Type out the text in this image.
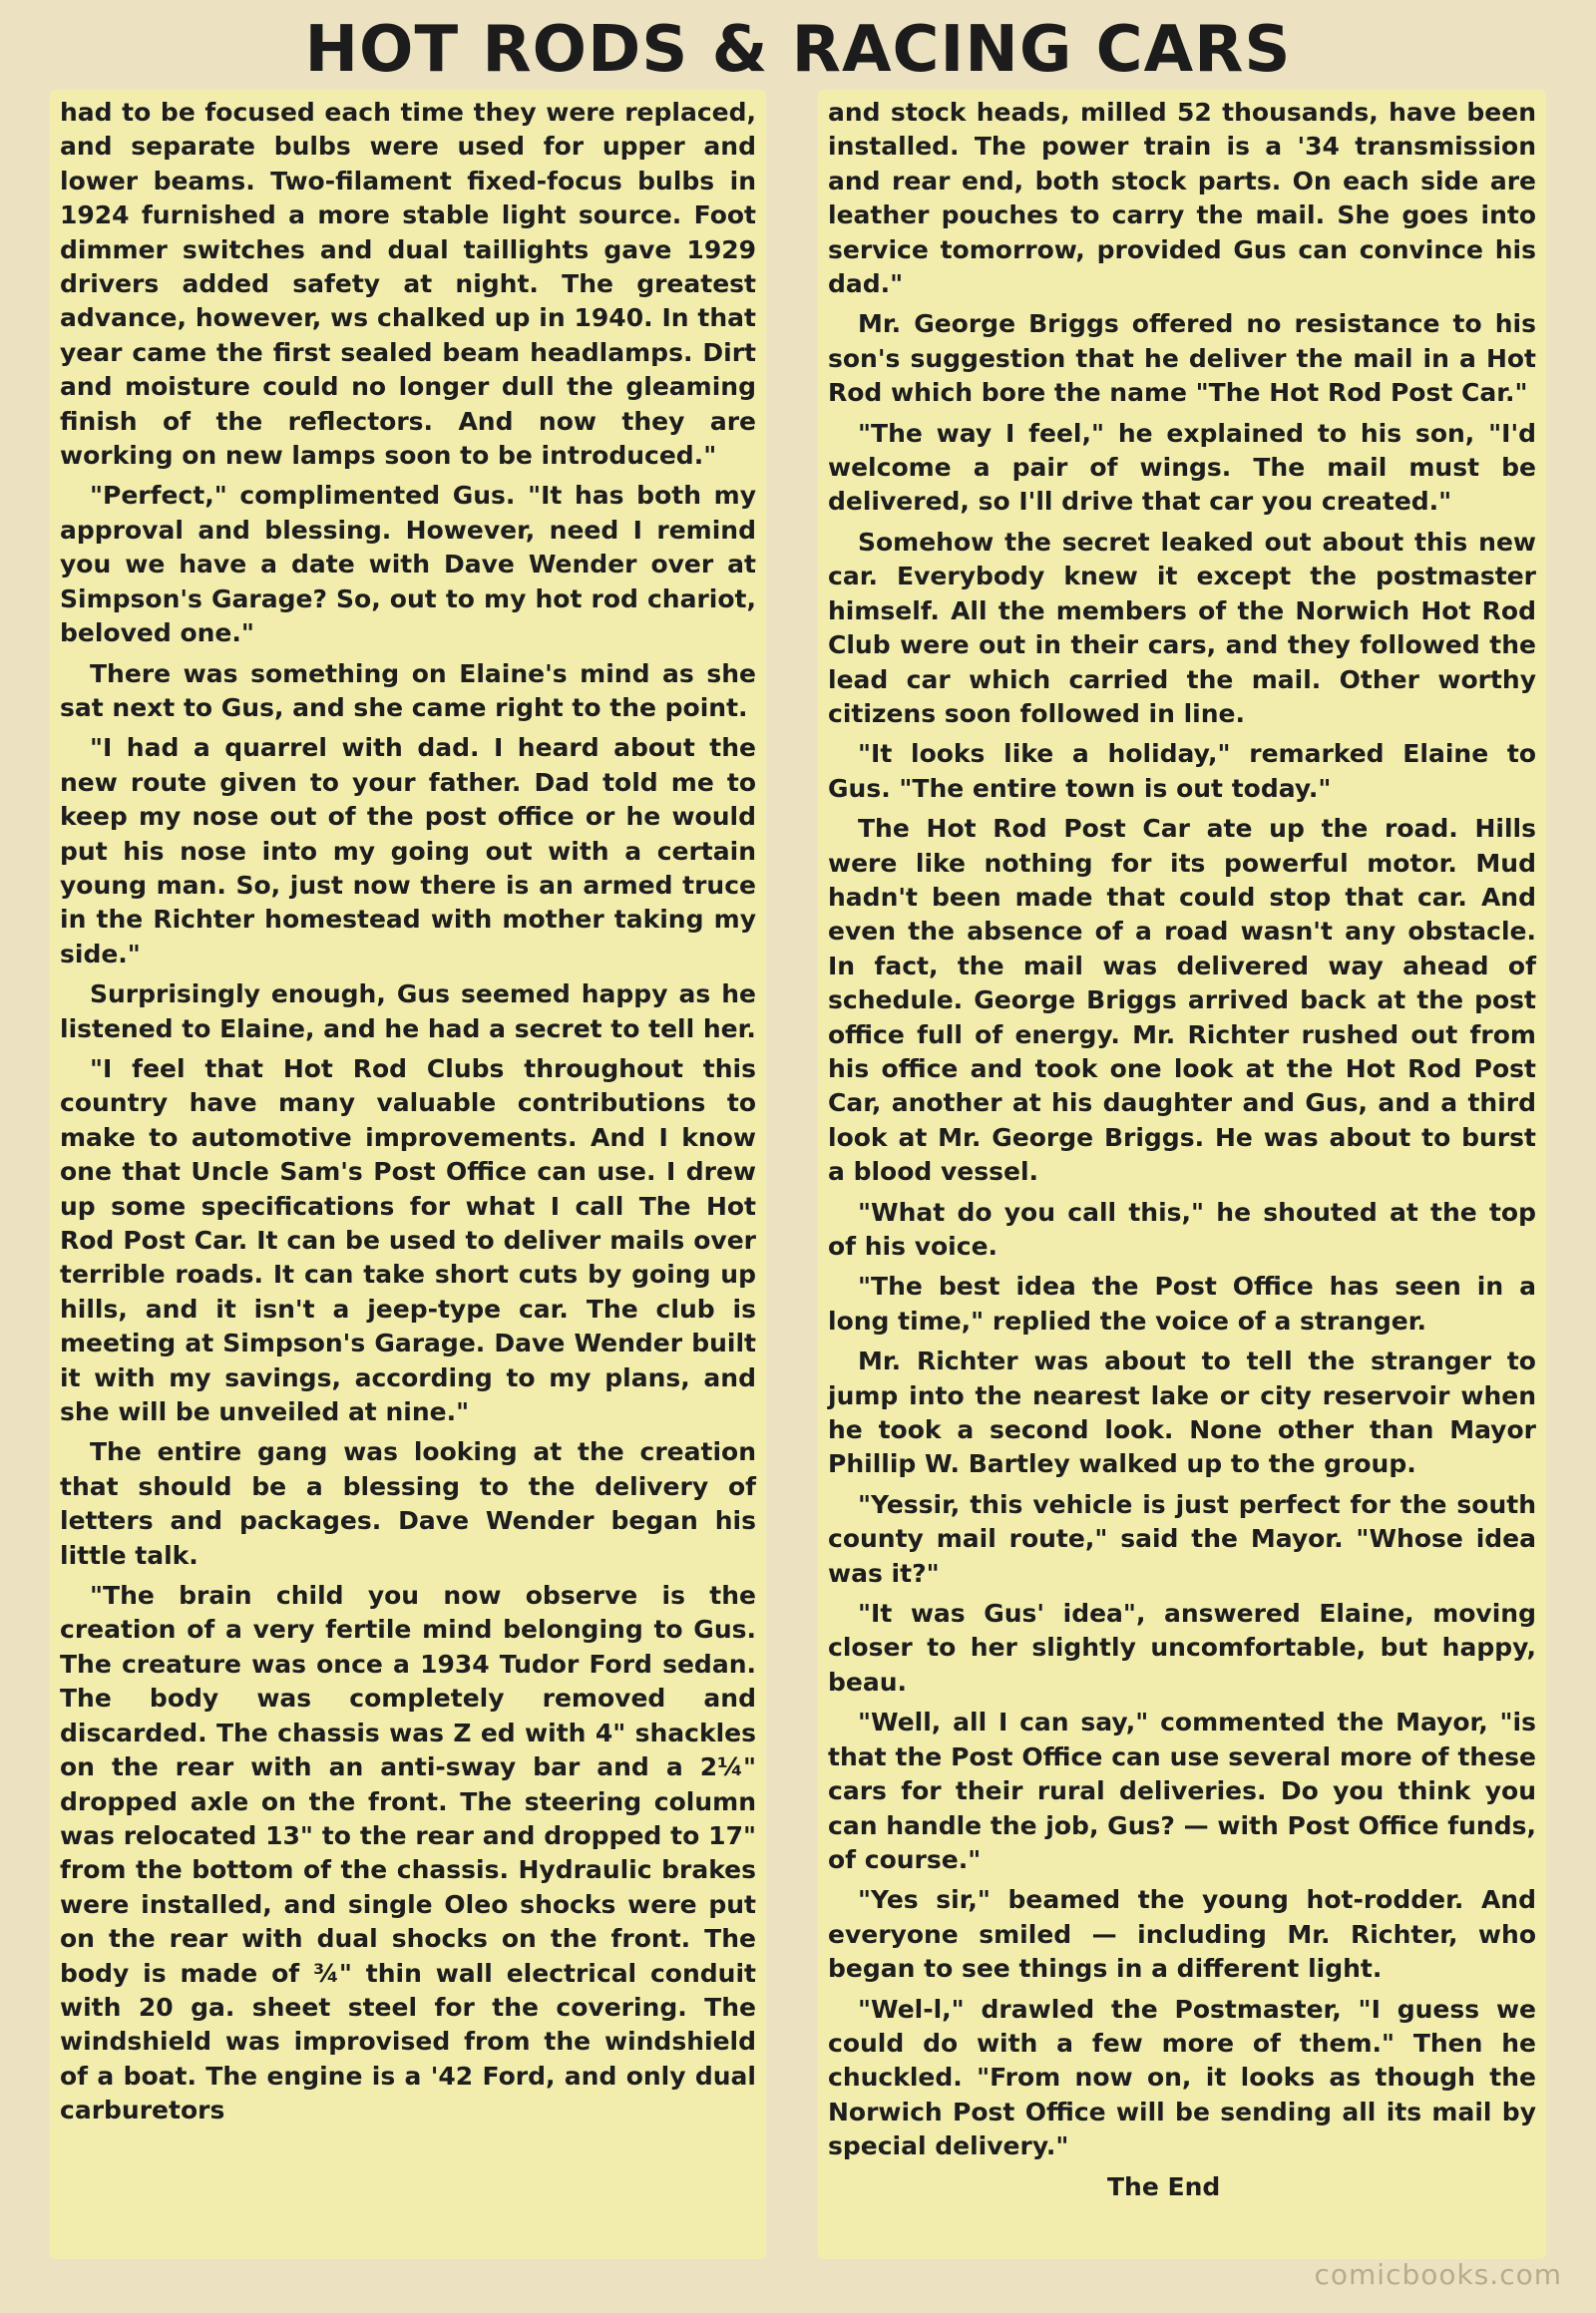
HOT RODS & RACING CARS

had to be focused each time they were replaced, and separate bulbs were used for upper and lower beams. Two-filament fixed-focus bulbs in 1924 furnished a more stable light source. Foot dimmer switches and dual taillights gave 1929 drivers added safety at night. The greatest advance, however, ws chalked up in 1940. In that year came the first sealed beam headlamps. Dirt and moisture could no longer dull the gleaming finish of the reflectors. And now they are working on new lamps soon to be introduced."

"Perfect," complimented Gus. "It has both my approval and blessing. However, need I remind you we have a date with Dave Wender over at Simpson's Garage? So, out to my hot rod chariot, beloved one."

There was something on Elaine's mind as she sat next to Gus, and she came right to the point.

"I had a quarrel with dad. I heard about the new route given to your father. Dad told me to keep my nose out of the post office or he would put his nose into my going out with a certain young man. So, just now there is an armed truce in the Richter homestead with mother taking my side."

Surprisingly enough, Gus seemed happy as he listened to Elaine, and he had a secret to tell her.

"I feel that Hot Rod Clubs throughout this country have many valuable contributions to make to automotive improvements. And I know one that Uncle Sam's Post Office can use. I drew up some specifications for what I call The Hot Rod Post Car. It can be used to deliver mails over terrible roads. It can take short cuts by going up hills, and it isn't a jeep-type car. The club is meeting at Simpson's Garage. Dave Wender built it with my savings, according to my plans, and she will be unveiled at nine."

The entire gang was looking at the creation that should be a blessing to the delivery of letters and packages. Dave Wender began his little talk.

"The brain child you now observe is the creation of a very fertile mind belonging to Gus. The creature was once a 1934 Tudor Ford sedan. The body was completely removed and discarded. The chassis was Z ed with 4" shackles on the rear with an anti-sway bar and a 2¼" dropped axle on the front. The steering column was relocated 13" to the rear and dropped to 17" from the bottom of the chassis. Hydraulic brakes were installed, and single Oleo shocks were put on the rear with dual shocks on the front. The body is made of ¾" thin wall electrical conduit with 20 ga. sheet steel for the covering. The windshield was improvised from the windshield of a boat. The engine is a '42 Ford, and only dual carburetors

and stock heads, milled 52 thousands, have been installed. The power train is a '34 transmission and rear end, both stock parts. On each side are leather pouches to carry the mail. She goes into service tomorrow, provided Gus can convince his dad."

Mr. George Briggs offered no resistance to his son's suggestion that he deliver the mail in a Hot Rod which bore the name "The Hot Rod Post Car."

"The way I feel," he explained to his son, "I'd welcome a pair of wings. The mail must be delivered, so I'll drive that car you created."

Somehow the secret leaked out about this new car. Everybody knew it except the postmaster himself. All the members of the Norwich Hot Rod Club were out in their cars, and they followed the lead car which carried the mail. Other worthy citizens soon followed in line.

"It looks like a holiday," remarked Elaine to Gus. "The entire town is out today."

The Hot Rod Post Car ate up the road. Hills were like nothing for its powerful motor. Mud hadn't been made that could stop that car. And even the absence of a road wasn't any obstacle. In fact, the mail was delivered way ahead of schedule. George Briggs arrived back at the post office full of energy. Mr. Richter rushed out from his office and took one look at the Hot Rod Post Car, another at his daughter and Gus, and a third look at Mr. George Briggs. He was about to burst a blood vessel.

"What do you call this," he shouted at the top of his voice.

"The best idea the Post Office has seen in a long time," replied the voice of a stranger.

Mr. Richter was about to tell the stranger to jump into the nearest lake or city reservoir when he took a second look. None other than Mayor Phillip W. Bartley walked up to the group.

"Yessir, this vehicle is just perfect for the south county mail route," said the Mayor. "Whose idea was it?"

"It was Gus' idea", answered Elaine, moving closer to her slightly uncomfortable, but happy, beau.

"Well, all I can say," commented the Mayor, "is that the Post Office can use several more of these cars for their rural deliveries. Do you think you can handle the job, Gus? — with Post Office funds, of course."

"Yes sir," beamed the young hot-rodder. And everyone smiled — including Mr. Richter, who began to see things in a different light.

"Wel-l," drawled the Postmaster, "I guess we could do with a few more of them." Then he chuckled. "From now on, it looks as though the Norwich Post Office will be sending all its mail by special delivery."

The End

comicbooks.com
